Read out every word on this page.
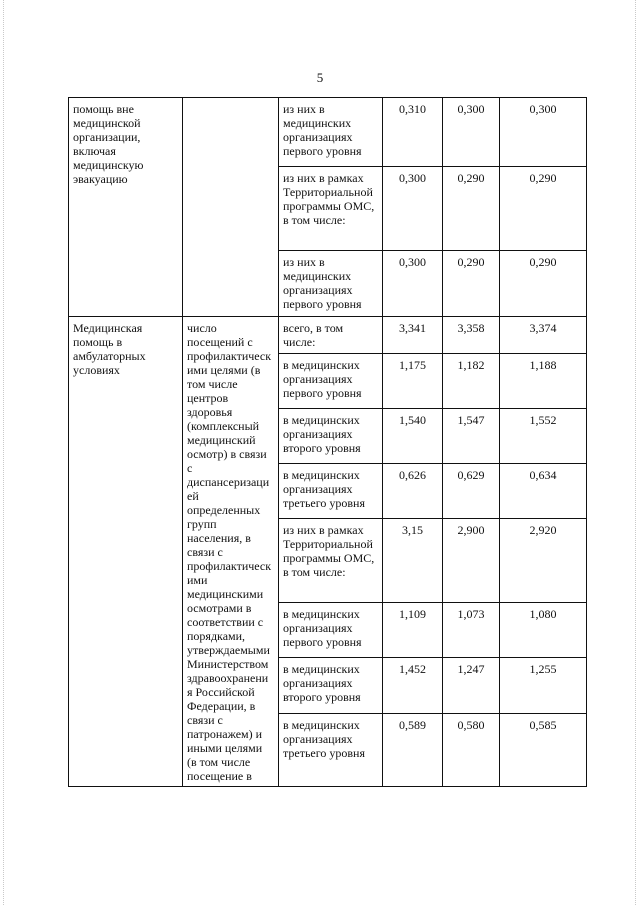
5
помощь вне медицинской организации, включая медицинскую эвакуацию		из них в медицинских организациях первого уровня	0,310	0,300	0,300
		из них в рамках Территориальной программы ОМС, в том числе:	0,300	0,290	0,290
		из них в медицинских организациях первого уровня	0,300	0,290	0,290
Медицинская помощь в амбулаторных условиях	число посещений с профилактическ ими целями (в том числе центров здоровья (комплексный медицинский осмотр) в связи с диспансеризаци ей определенных групп населения, в связи с профилактическ ими медицинскими осмотрами в соответствии с порядками, утверждаемыми Министерством здравоохранени я Российской Федерации, в связи с патронажем) и иными целями (в том числе посещение в	всего, в том числе:	3,341	3,358	3,374
		в медицинских организациях первого уровня	1,175	1,182	1,188
		в медицинских организациях второго уровня	1,540	1,547	1,552
		в медицинских организациях третьего уровня	0,626	0,629	0,634
		из них в рамках Территориальной программы ОМС, в том числе:	3,15	2,900	2,920
		в медицинских организациях первого уровня	1,109	1,073	1,080
		в медицинских организациях второго уровня	1,452	1,247	1,255
		в медицинских организациях третьего уровня	0,589	0,580	0,585
